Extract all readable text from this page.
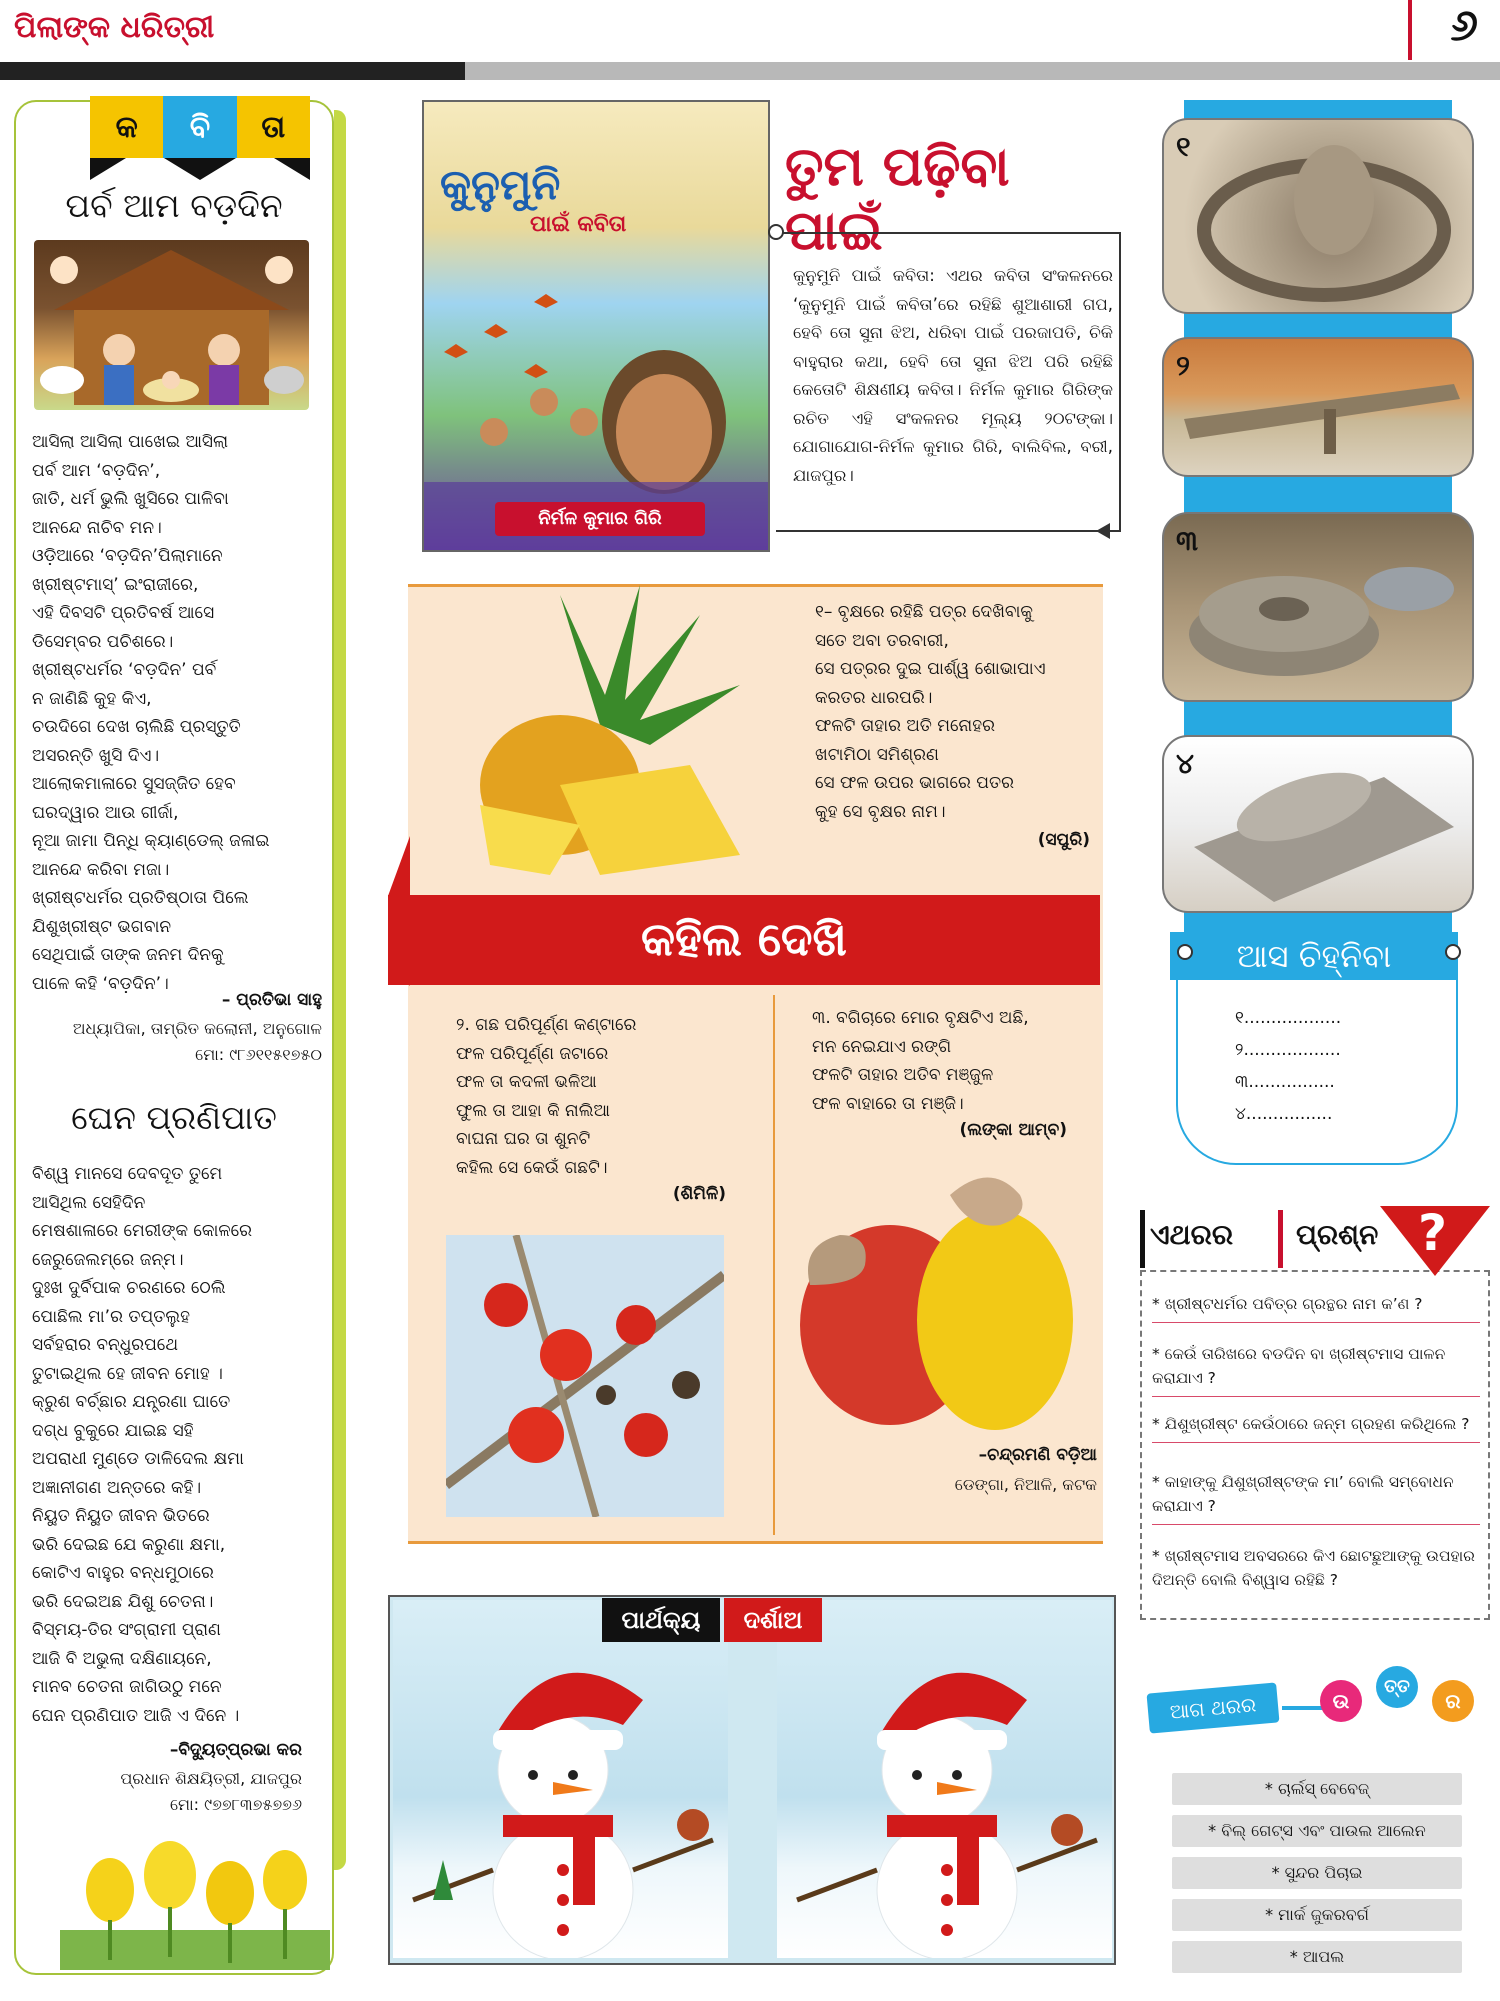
ପିଲାଙ୍କ ଧରିତ୍ରୀ	୬
କ	ବି	ତା
ପର୍ବ ଆମ ବଡ଼ଦିନ
ଆସିଲା ଆସିଲା ପାଖେଇ ଆସିଲା
ପର୍ବ ଆମ ‘ବଡ଼ଦିନ’,
ଜାତି, ଧର୍ମ ଭୁଲି ଖୁସିରେ ପାଳିବା
ଆନନ୍ଦେ ନାଚିବ ମନ।
ଓଡ଼ିଆରେ ‘ବଡ଼ଦିନ’ପିଲାମାନେ
ଖ୍ରୀଷ୍ଟମାସ୍’ ଇଂରାଜୀରେ,
ଏହି ଦିବସଟି ପ୍ରତିବର୍ଷ ଆସେ
ଡିସେମ୍ବର ପଚିଶରେ।
ଖ୍ରୀଷ୍ଟଧର୍ମର ‘ବଡ଼ଦିନ’ ପର୍ବ
ନ ଜାଣିଛି କୁହ କିଏ,
ଚଉଦିଗେ ଦେଖ ଚାଲିଛି ପ୍ରସ୍ତୁତି
ଅସରନ୍ତି ଖୁସି ଦିଏ।
ଆଲୋକମାଳାରେ ସୁସଜ୍ଜିତ ହେବ
ଘରଦ୍ୱାର ଆଉ ଗୀର୍ଜା,
ନୂଆ ଜାମା ପିନ୍ଧି କ୍ୟାଣ୍ଡେଲ୍ ଜଳାଇ
ଆନନ୍ଦେ କରିବା ମଜା।
ଖ୍ରୀଷ୍ଟଧର୍ମର ପ୍ରତିଷ୍ଠାତା ପିଲେ
ଯିଶୁଖ୍ରୀଷ୍ଟ ଭଗବାନ
ସେଥିପାଇଁ ତାଙ୍କ ଜନମ ଦିନକୁ
ପାଳେ କହି ‘ବଡ଼ଦିନ’।
– ପ୍ରତିଭା ସାହୁ
ଅଧ୍ୟାପିକା, ତାମ୍ରିତ କଲୋନୀ, ଅନୁଗୋଳ
ମୋ: ୯୮୬୧୧୫୧୭୫୦
ଘେନ ପ୍ରଣିପାତ
ବିଶ୍ୱ ମାନସେ ଦେବଦୂତ ତୁମେ
ଆସିଥିଲ ସେହିଦିନ
ମେଷଶାଳାରେ ମେରୀଙ୍କ କୋଳରେ
ଜେରୁଜେଲମ୍‌ରେ ଜନ୍ମ।
ଦୁଃଖ ଦୁର୍ବିପାକ ଚରଣରେ ଠେଲି
ପୋଛିଲ ମା’ର ତପ୍ତଲୁହ
ସର୍ବହରାର ବନ୍ଧୁରପଥେ
ତୁଟାଇଥିଲ ହେ ଜୀବନ ମୋହ ।
କ୍ରୁଶ ବର୍ଚ୍ଛାର ଯନ୍ତ୍ରଣା ଘାତେ
ଦଗ୍ଧ ବୁକୁରେ ଯାଇଛ ସହି
ଅପରାଧୀ ମୁଣ୍ଡେ ଡାଳିଦେଲ କ୍ଷମା
ଅଜ୍ଞାନୀଗଣ ଅନ୍ତରେ କହି।
ନିୟୁତ ନିୟୁତ ଜୀବନ ଭିତରେ
ଭରି ଦେଇଛ ଯେ କରୁଣା କ୍ଷମା,
କୋଟିଏ ବାହୁର ବନ୍ଧମୁଠାରେ
ଭରି ଦେଇଅଛ ଯିଶୁ ଚେତନା।
ବିସ୍ମୟ-ତିର ସଂଗ୍ରାମୀ ପ୍ରାଣ
ଆଜି ବି ଅଭୁଲା ଦକ୍ଷିଣାୟନେ,
ମାନବ ଚେତନା ଜାଗିଉଠୁ ମନେ
ଘେନ ପ୍ରଣିପାତ ଆଜି ଏ ଦିନେ ।
–ବିଦ୍ୟୁତ୍‌ପ୍ରଭା କର
ପ୍ରଧାନ ଶିକ୍ଷୟିତ୍ରୀ, ଯାଜପୁର
ମୋ: ୯୭୭୮୩୭୫୭୭୬
କୁନୁମୁନି
ପାଇଁ କବିତା
ନିର୍ମଳ କୁମାର ଗିରି
ତୁମ ପଢ଼ିବା ପାଇଁ
କୁନୁମୁନି ପାଇଁ କବିତା: ଏଥର କବିତା ସଂକଳନରେ ‘କୁନୁମୁନି ପାଇଁ କବିତା’ରେ ରହିଛି ଶୁଆଶାରୀ ଗପ, ହେବି ତୋ ସୁନା ଝିଅ, ଧରିବା ପାଇଁ ପରଜାପତି, ଚିକି ବାହୁରାର କଥା, ହେବି ତୋ ସୁନା ଝିଅ ପରି ରହିଛି କେତୋଟି ଶିକ୍ଷଣୀୟ କବିତା। ନିର୍ମଳ କୁମାର ଗିରିଙ୍କ ରଚିତ ଏହି ସଂକଳନର ମୂଲ୍ୟ ୨୦ଟଙ୍କା। ଯୋଗାଯୋଗ-ନିର୍ମଳ କୁମାର ଗିରି, ବାଲିବିଲ, ବରୀ, ଯାଜପୁର।
କହିଲ ଦେଖି
୧– ବୃକ୍ଷରେ ରହିଛି ପତ୍ର ଦେଖିବାକୁ
ସତେ ଅବା ତରବାରୀ,
ସେ ପତ୍ରର ଦୁଇ ପାର୍ଶ୍ୱ ଶୋଭାପାଏ
କରତର ଧାରପରି।
ଫଳଟି ତାହାର ଅତି ମନୋହର
ଖଟାମିଠା ସମିଶ୍ରଣ
ସେ ଫଳ ଉପର ଭାଗରେ ପତର
କୁହ ସେ ବୃକ୍ଷର ନାମ।
(ସପୁରି)
୨. ଗଛ ପରିପୂର୍ଣ୍ଣ କଣ୍ଟାରେ
ଫଳ ପରିପୂର୍ଣ୍ଣ ଜଟାରେ
ଫଳ ତା କଦଳୀ ଭଳିଆ
ଫୁଲ ତା ଆହା କି ନାଲିଆ
ବାଘନା ଘର ତା ଶୁନଟି
କହିଲ ସେ କେଉଁ ଗଛଟି।
(ଶିମିଳି)
୩. ବଗିଚାରେ ମୋର ବୃକ୍ଷଟିଏ ଅଛି,
ମନ ନେଇଯାଏ ରଙ୍ଗି
ଫଳଟି ତାହାର ଅତିବ ମଞ୍ଜୁଳ
ଫଳ ବାହାରେ ତା ମଞ୍ଜି।
(ଲଙ୍କା ଆମ୍ବ)
–ଚନ୍ଦ୍ରମଣି ବଡ଼ିଆ
ଡେଙ୍ଗା, ନିଆଳି, କଟକ
୧
୨
୩
୪
ଆସ ଚିହ୍ନିବା
୧..................
୨..................
୩................
୪................
ଏଥରର ପ୍ରଶ୍ନ ?
* ଖ୍ରୀଷ୍ଟଧର୍ମର ପବିତ୍ର ଗ୍ରନ୍ଥର ନାମ କ’ଣ ?
* କେଉଁ ତାରିଖରେ ବଡଦିନ ବା ଖ୍ରୀଷ୍ଟମାସ ପାଳନ କରାଯାଏ ?
* ଯିଶୁଖ୍ରୀଷ୍ଟ କେଉଁଠାରେ ଜନ୍ମ ଗ୍ରହଣ କରିଥିଲେ ?
* କାହାଙ୍କୁ ଯିଶୁଖ୍ରୀଷ୍ଟଙ୍କ ମା’ ବୋଲି ସମ୍ବୋଧନ କରାଯାଏ ?
* ଖ୍ରୀଷ୍ଟମାସ ଅବସରରେ କିଏ ଛୋଟଛୁଆଙ୍କୁ ଉପହାର ଦିଅନ୍ତି ବୋଲି ବିଶ୍ୱାସ ରହିଛି ?
ଆଗ ଥରର	ଉ
ତ୍ତ
ର
* ଚାର୍ଲସ୍ ବେବେଜ୍
* ବିଲ୍ ଗେଟ୍ସ ଏବଂ ପାଉଲ ଆଲେନ
* ସୁନ୍ଦର ପିଚାଇ
* ମାର୍କ ଜୁକରବର୍ଗ
* ଆପଲ
ପାର୍ଥକ୍ୟ	ଦର୍ଶାଅ
